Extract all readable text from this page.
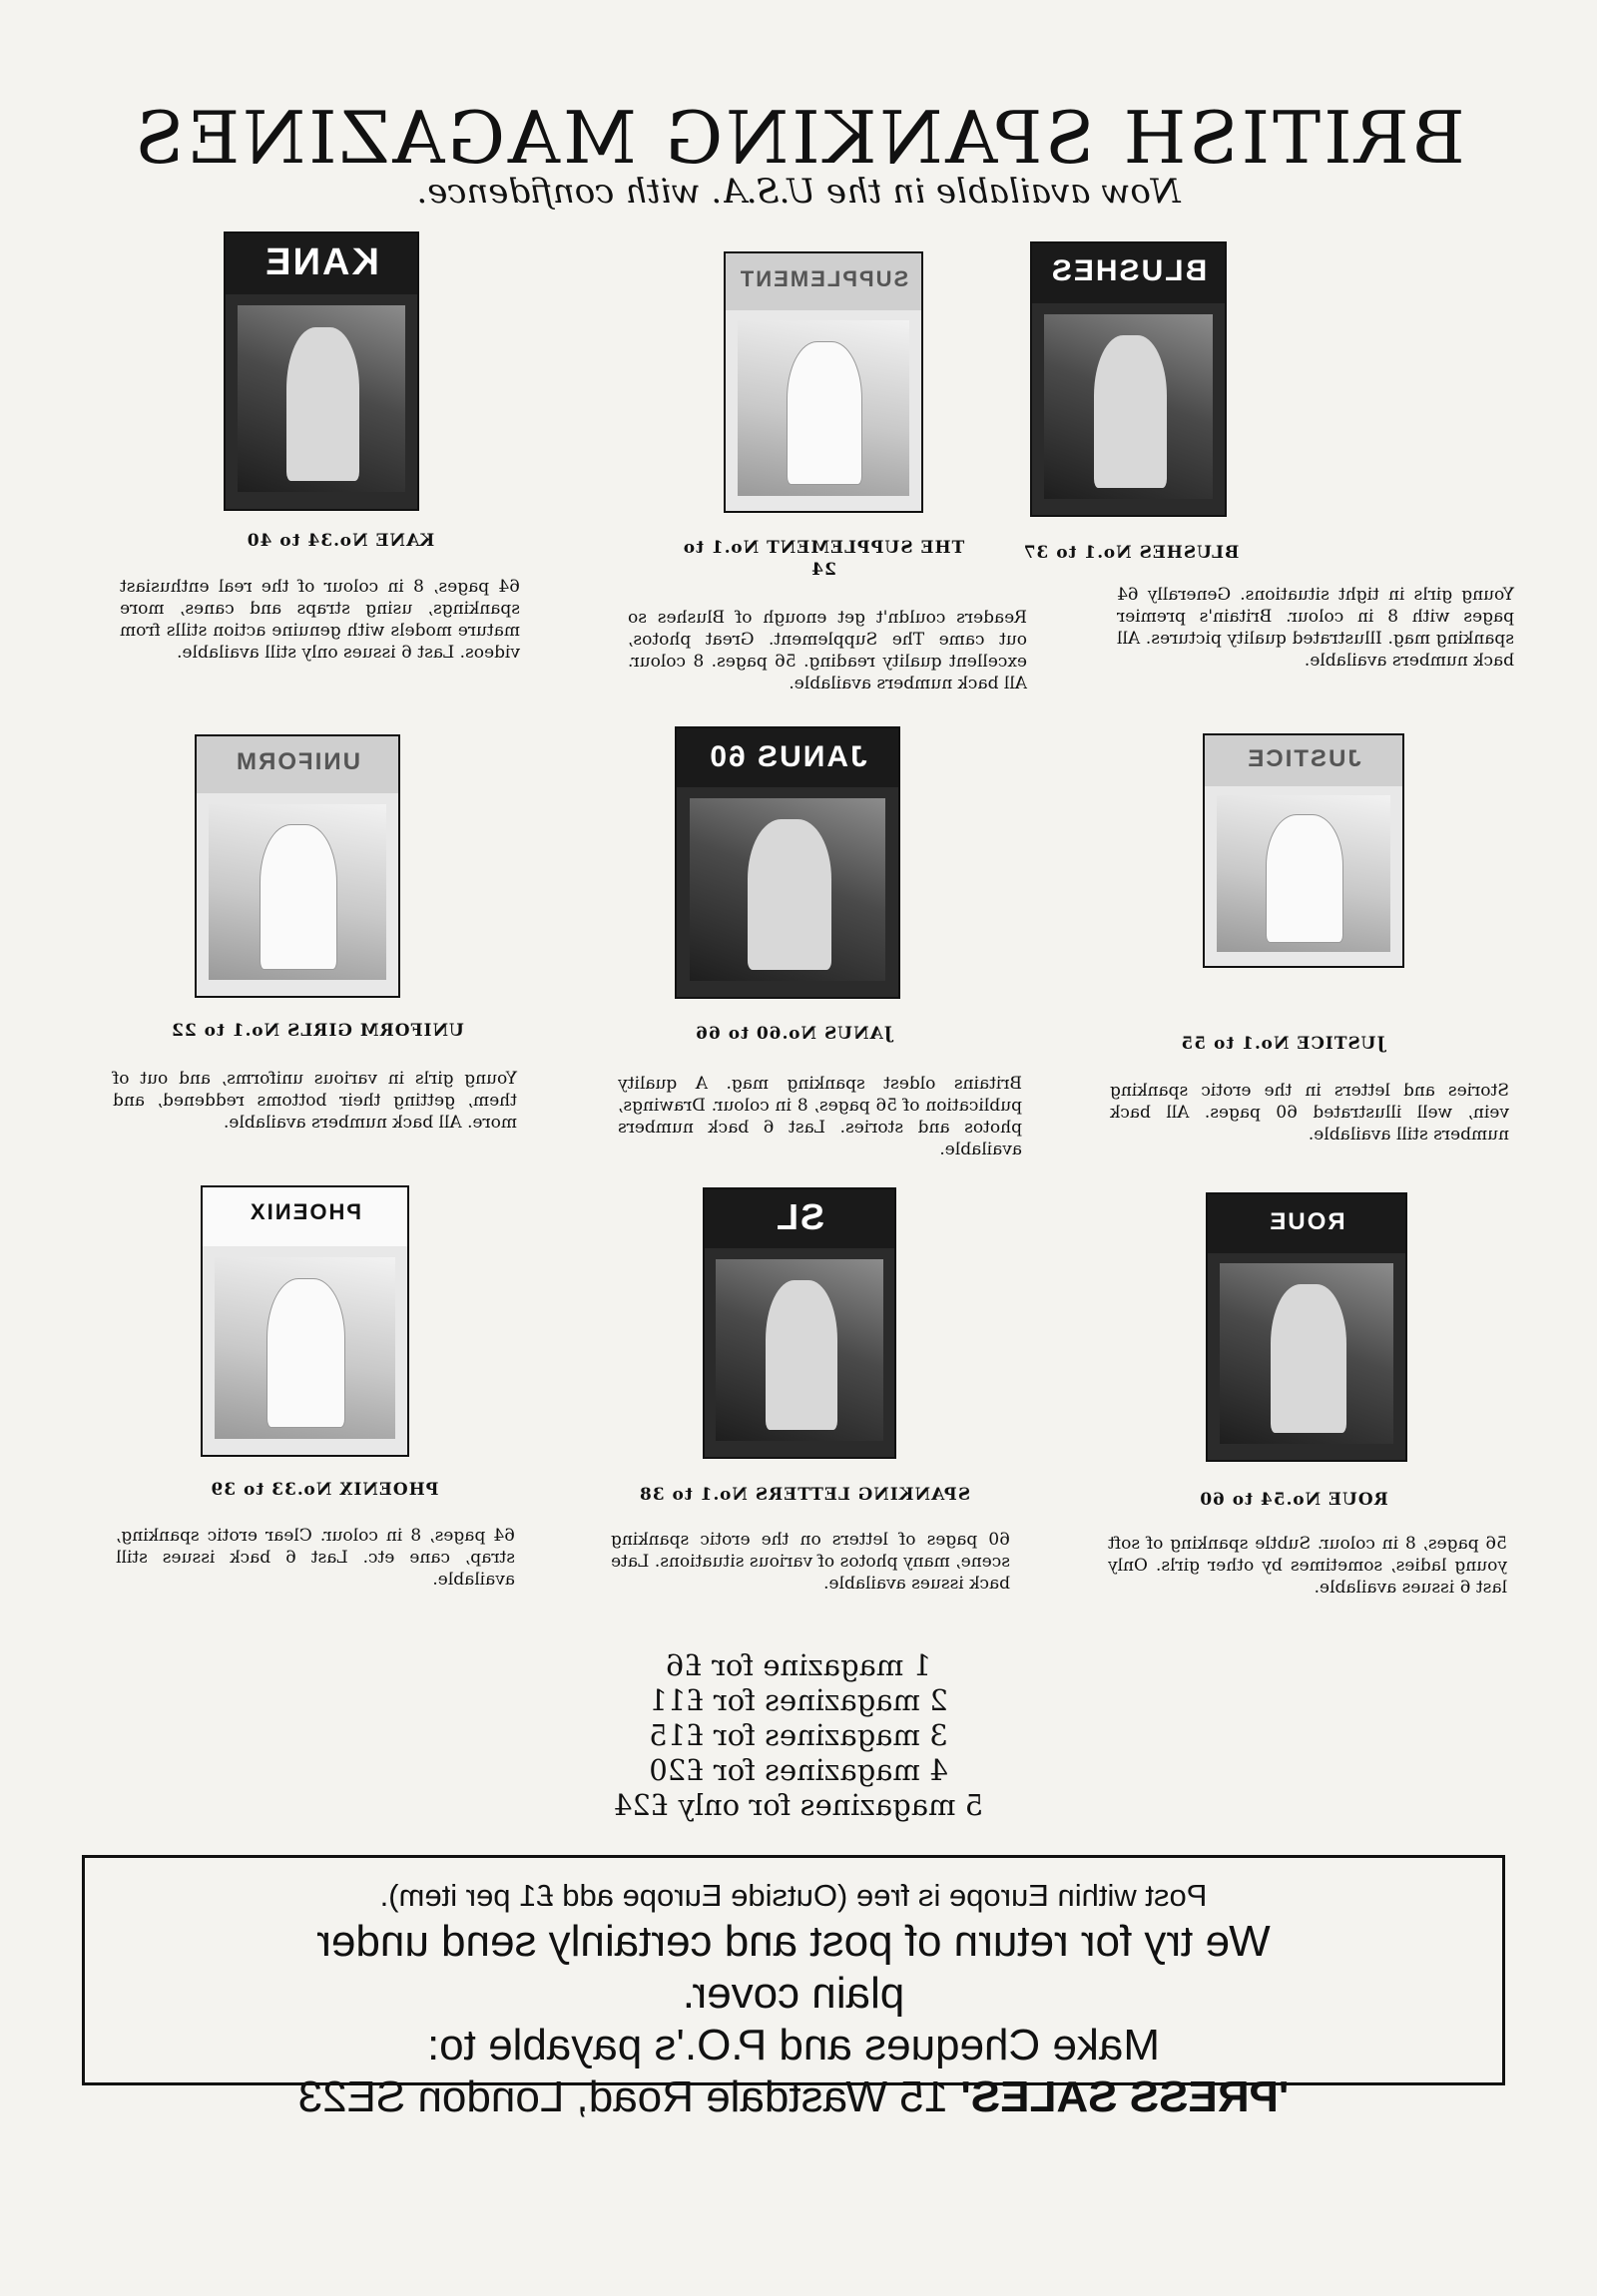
BRITISH SPANKING MAGAZINES
Now available in the U.S.A. with confidence.
BLUSHES
BLUSHES No.1 to 37
Young girls in tight situations. Generally 64 pages with 8 in colour. Britain's premier spanking mag. Illustrated quality pictures. All back numbers available.
SUPPLEMENT
THE SUPPLEMENT No.1 to 24
Readers couldn't get enough of Blushes so out came The Supplement. Great photos, excellent quality reading. 56 pages. 8 colour. All back numbers available.
KANE
KANE No.34 to 40
64 pages, 8 in colour of the real enthusiast spankings, using straps and canes, more mature models with genuine action stills from videos. Last 6 issues only still available.
JUSTICE
JUSTICE No.1 to 55
Stories and letters in the erotic spanking vein, well illustrated 60 pages. All back numbers still available.
JANUS 60
JANUS No.60 to 66
Britains oldest spanking mag. A quality publication of 56 pages, 8 in colour. Drawings, photos and stories. Last 6 back numbers available.
UNIFORM
UNIFORM GIRLS No.1 to 22
Young girls in various uniforms, and out of them, getting their bottoms reddened, and more. All back numbers available.
ROUE
ROUE No.54 to 60
56 pages, 8 in colour. Subtle spanking of soft young ladies, sometimes by other girls. Only last 6 issues available.
SL
SPANKING LETTERS No.1 to 38
60 pages of letters on the erotic spanking scene, many photos of various situations. Late back issues available.
PHOENIX
PHOENIX No.33 to 39
64 pages, 8 in colour. Clear erotic spanking, strap, cane etc. Last 6 back issues still available.
1 magazine for £6
2 magazines for £11
3 magazines for £15
4 magazines for £20
5 magazines for only £24
Post within Europe is free (Outside Europe add £1 per item).
We try for return of post and certainly send under
plain cover.
Make Cheques and P.O.'s payable to:
'PRESS SALES' 15 Wastdale Road, London SE23
